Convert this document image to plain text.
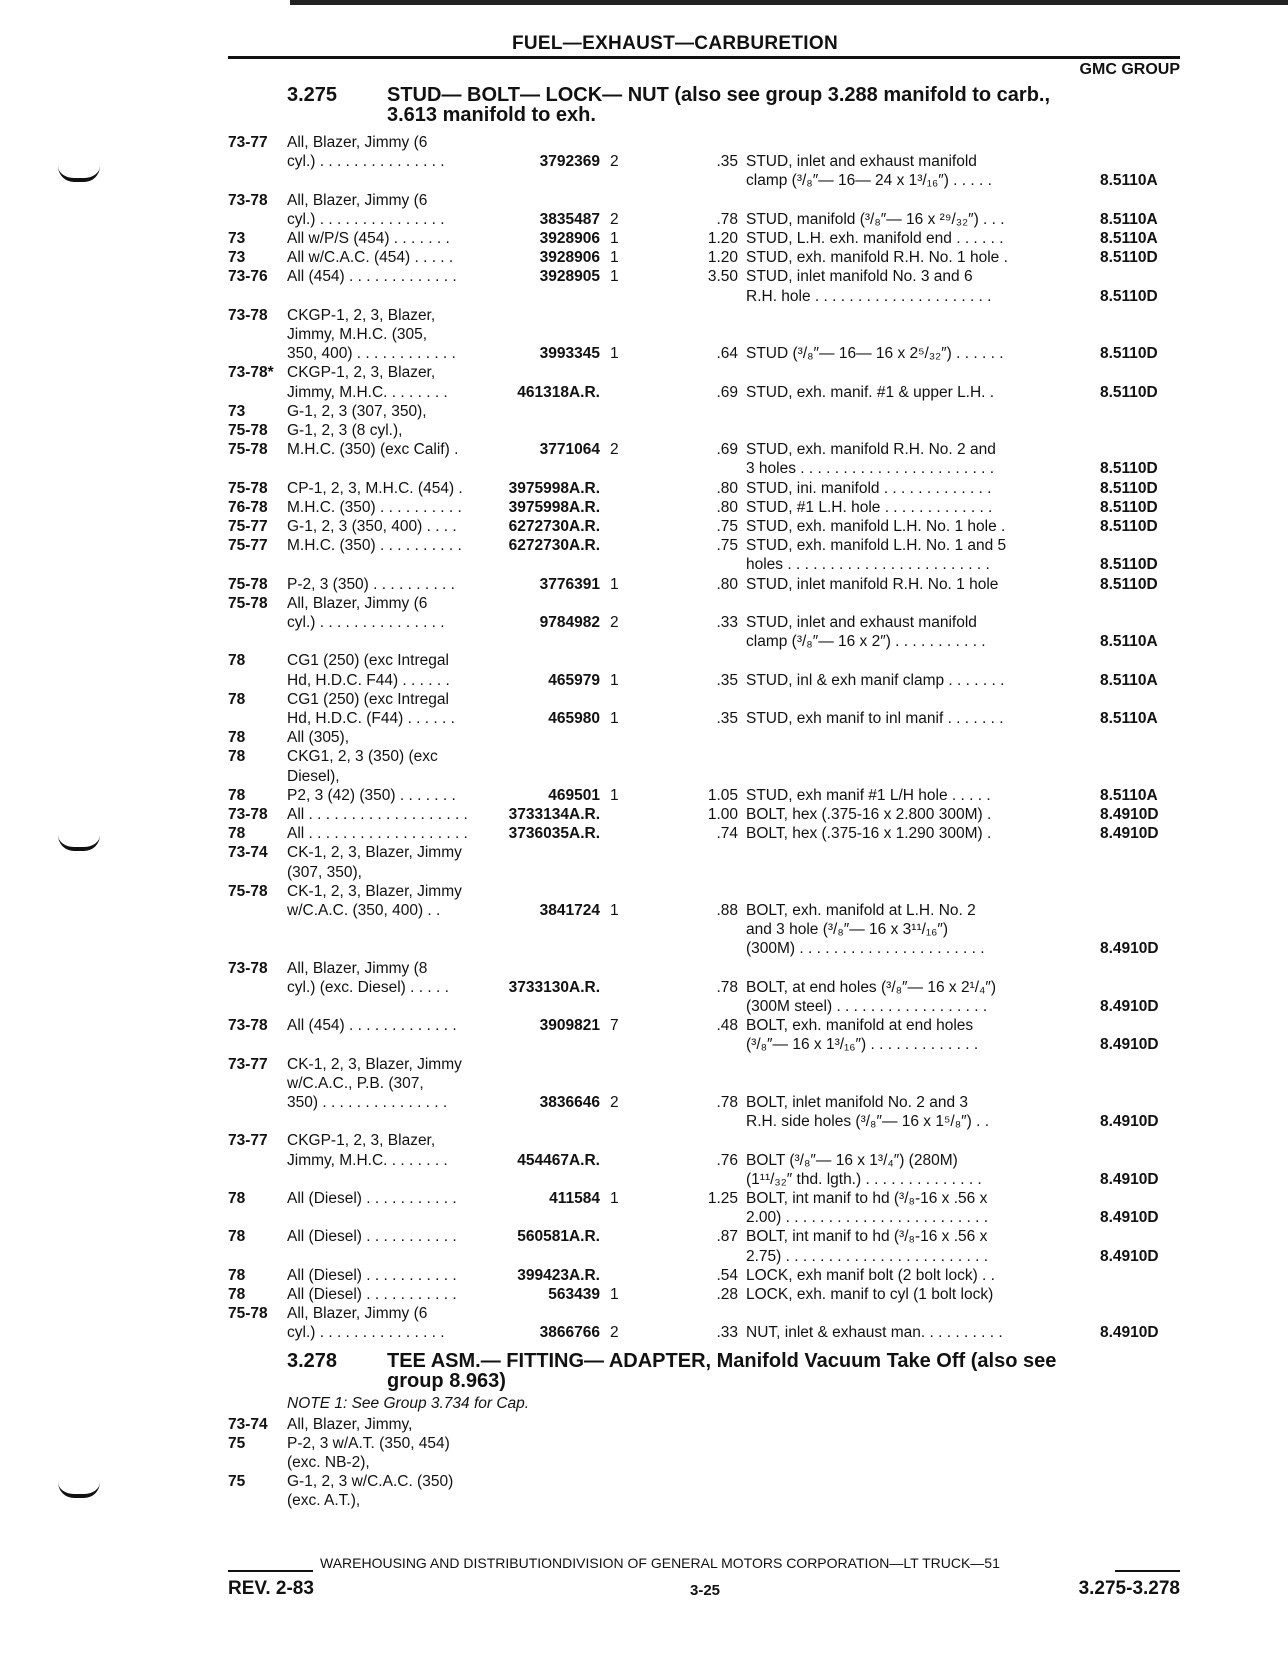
FUEL—EXHAUST—CARBURETION
GMC GROUP
3.275 STUD— BOLT— LOCK— NUT (also see group 3.288 manifold to carb.,
3.613 manifold to exh.
73-77 All, Blazer, Jimmy (6
cyl.) . . . . . . . . . . . . . . .	3792369 2	.35 STUD, inlet and exhaust manifold
clamp (³/₈″— 16— 24 x 1³/₁₆″) . . . . .	8.5110A
73-78 All, Blazer, Jimmy (6
cyl.) . . . . . . . . . . . . . . .	3835487 2	.78 STUD, manifold (³/₈″— 16 x ²⁹/₃₂″) . . .	8.5110A
73	All w/P/S (454) . . . . . . .	3928906 1	1.20 STUD, L.H. exh. manifold end . . . . . .	8.5110A
73	All w/C.A.C. (454) . . . . .	3928906 1	1.20 STUD, exh. manifold R.H. No. 1 hole .	8.5110D
73-76 All (454) . . . . . . . . . . . . .	3928905 1	3.50 STUD, inlet manifold No. 3 and 6
R.H. hole . . . . . . . . . . . . . . . . . . . . .	8.5110D
73-78 CKGP-1, 2, 3, Blazer,
Jimmy, M.H.C. (305,
350, 400) . . . . . . . . . . . .	3993345 1	.64 STUD (³/₈″— 16— 16 x 2⁵/₃₂″) . . . . . .	8.5110D
73-78* CKGP-1, 2, 3, Blazer,
Jimmy, M.H.C. . . . . . . .	461318A.R.	.69 STUD, exh. manif. #1 & upper L.H. .	8.5110D
73	G-1, 2, 3 (307, 350),
75-78 G-1, 2, 3 (8 cyl.),
75-78 M.H.C. (350) (exc Calif) .	3771064 2	.69 STUD, exh. manifold R.H. No. 2 and
3 holes . . . . . . . . . . . . . . . . . . . . . . .	8.5110D
75-78 CP-1, 2, 3, M.H.C. (454) .	3975998A.R.	.80 STUD, ini. manifold . . . . . . . . . . . . .	8.5110D
76-78 M.H.C. (350) . . . . . . . . . .	3975998A.R.	.80 STUD, #1 L.H. hole . . . . . . . . . . . . .	8.5110D
75-77 G-1, 2, 3 (350, 400) . . . .	6272730A.R.	.75 STUD, exh. manifold L.H. No. 1 hole .	8.5110D
75-77 M.H.C. (350) . . . . . . . . . .	6272730A.R.	.75 STUD, exh. manifold L.H. No. 1 and 5
holes . . . . . . . . . . . . . . . . . . . . . . . .	8.5110D
75-78 P-2, 3 (350) . . . . . . . . . .	3776391 1	.80 STUD, inlet manifold R.H. No. 1 hole	8.5110D
75-78 All, Blazer, Jimmy (6
cyl.) . . . . . . . . . . . . . . .	9784982 2	.33 STUD, inlet and exhaust manifold
clamp (³/₈″— 16 x 2″) . . . . . . . . . . .	8.5110A
78	CG1 (250) (exc Intregal
Hd, H.D.C. F44) . . . . . .	465979 1	.35 STUD, inl & exh manif clamp . . . . . . .	8.5110A
78	CG1 (250) (exc Intregal
Hd, H.D.C. (F44) . . . . . .	465980 1	.35 STUD, exh manif to inl manif . . . . . . .	8.5110A
78	All (305),
78	CKG1, 2, 3 (350) (exc
Diesel),
78	P2, 3 (42) (350) . . . . . . .	469501 1	1.05 STUD, exh manif #1 L/H hole . . . . .	8.5110A
73-78 All . . . . . . . . . . . . . . . . . . .	3733134A.R.	1.00 BOLT, hex (.375-16 x 2.800 300M) .	8.4910D
78	All . . . . . . . . . . . . . . . . . . .	3736035A.R.	.74 BOLT, hex (.375-16 x 1.290 300M) .	8.4910D
73-74 CK-1, 2, 3, Blazer, Jimmy
(307, 350),
75-78 CK-1, 2, 3, Blazer, Jimmy
w/C.A.C. (350, 400) . .	3841724 1	.88 BOLT, exh. manifold at L.H. No. 2
and 3 hole (³/₈″— 16 x 3¹¹/₁₆″)
(300M) . . . . . . . . . . . . . . . . . . . . . .	8.4910D
73-78 All, Blazer, Jimmy (8
cyl.) (exc. Diesel) . . . . .	3733130A.R.	.78 BOLT, at end holes (³/₈″— 16 x 2¹/₄″)
(300M steel) . . . . . . . . . . . . . . . . . .	8.4910D
73-78 All (454) . . . . . . . . . . . . .	3909821 7	.48 BOLT, exh. manifold at end holes
(³/₈″— 16 x 1³/₁₆″) . . . . . . . . . . . . .	8.4910D
73-77 CK-1, 2, 3, Blazer, Jimmy
w/C.A.C., P.B. (307,
350) . . . . . . . . . . . . . . .	3836646 2	.78 BOLT, inlet manifold No. 2 and 3
R.H. side holes (³/₈″— 16 x 1⁵/₈″) . .	8.4910D
73-77 CKGP-1, 2, 3, Blazer,
Jimmy, M.H.C. . . . . . . .	454467A.R.	.76 BOLT (³/₈″— 16 x 1³/₄″) (280M)
(1¹¹/₃₂″ thd. lgth.) . . . . . . . . . . . . . .	8.4910D
78	All (Diesel) . . . . . . . . . . .	411584 1	1.25 BOLT, int manif to hd (³/₈-16 x .56 x
2.00) . . . . . . . . . . . . . . . . . . . . . . . .	8.4910D
78	All (Diesel) . . . . . . . . . . .	560581A.R.	.87 BOLT, int manif to hd (³/₈-16 x .56 x
2.75) . . . . . . . . . . . . . . . . . . . . . . . .	8.4910D
78	All (Diesel) . . . . . . . . . . .	399423A.R.	.54 LOCK, exh manif bolt (2 bolt lock) . .
78	All (Diesel) . . . . . . . . . . .	563439 1	.28 LOCK, exh. manif to cyl (1 bolt lock)
75-78 All, Blazer, Jimmy (6
cyl.) . . . . . . . . . . . . . . .	3866766 2	.33 NUT, inlet & exhaust man. . . . . . . . . .	8.4910D
3.278 TEE ASM.— FITTING— ADAPTER, Manifold Vacuum Take Off (also see
group 8.963)
NOTE 1: See Group 3.734 for Cap.
73-74 All, Blazer, Jimmy,
75	P-2, 3 w/A.T. (350, 454)
(exc. NB-2),
75	G-1, 2, 3 w/C.A.C. (350)
(exc. A.T.),
WAREHOUSING AND DISTRIBUTIONDIVISION OF GENERAL MOTORS CORPORATION—LT TRUCK—51
REV. 2-83	3-25	3.275-3.278
